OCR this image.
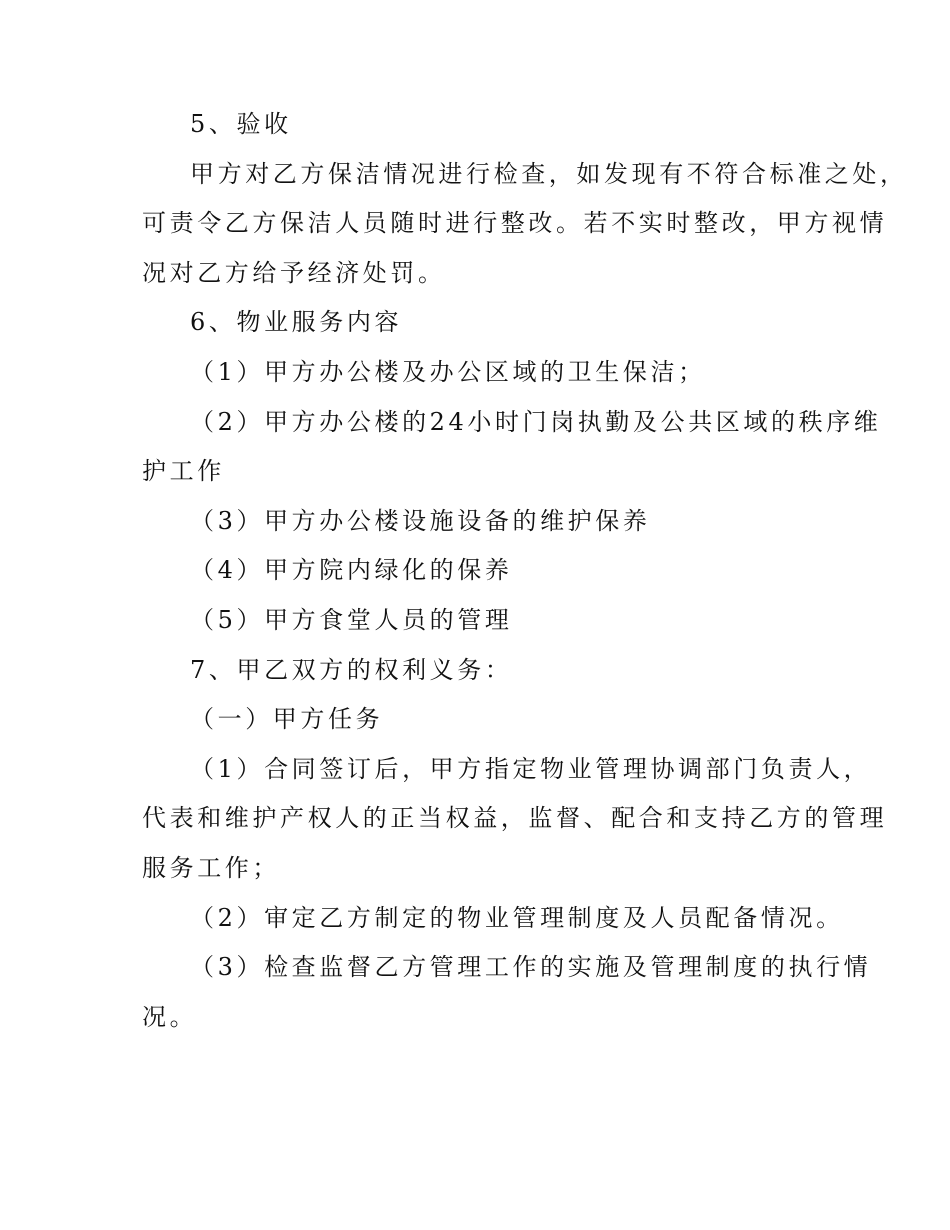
5、验收
甲方对乙方保洁情况进行检查，如发现有不符合标准之处，
可责令乙方保洁人员随时进行整改。若不实时整改，甲方视情
况对乙方给予经济处罚。
6、物业服务内容
（1）甲方办公楼及办公区域的卫生保洁；
（2）甲方办公楼的24小时门岗执勤及公共区域的秩序维
护工作
（3）甲方办公楼设施设备的维护保养
（4）甲方院内绿化的保养
（5）甲方食堂人员的管理
7、甲乙双方的权利义务：
（一）甲方任务
（1）合同签订后，甲方指定物业管理协调部门负责人，
代表和维护产权人的正当权益，监督、配合和支持乙方的管理
服务工作；
（2）审定乙方制定的物业管理制度及人员配备情况。
（3）检查监督乙方管理工作的实施及管理制度的执行情
况。
